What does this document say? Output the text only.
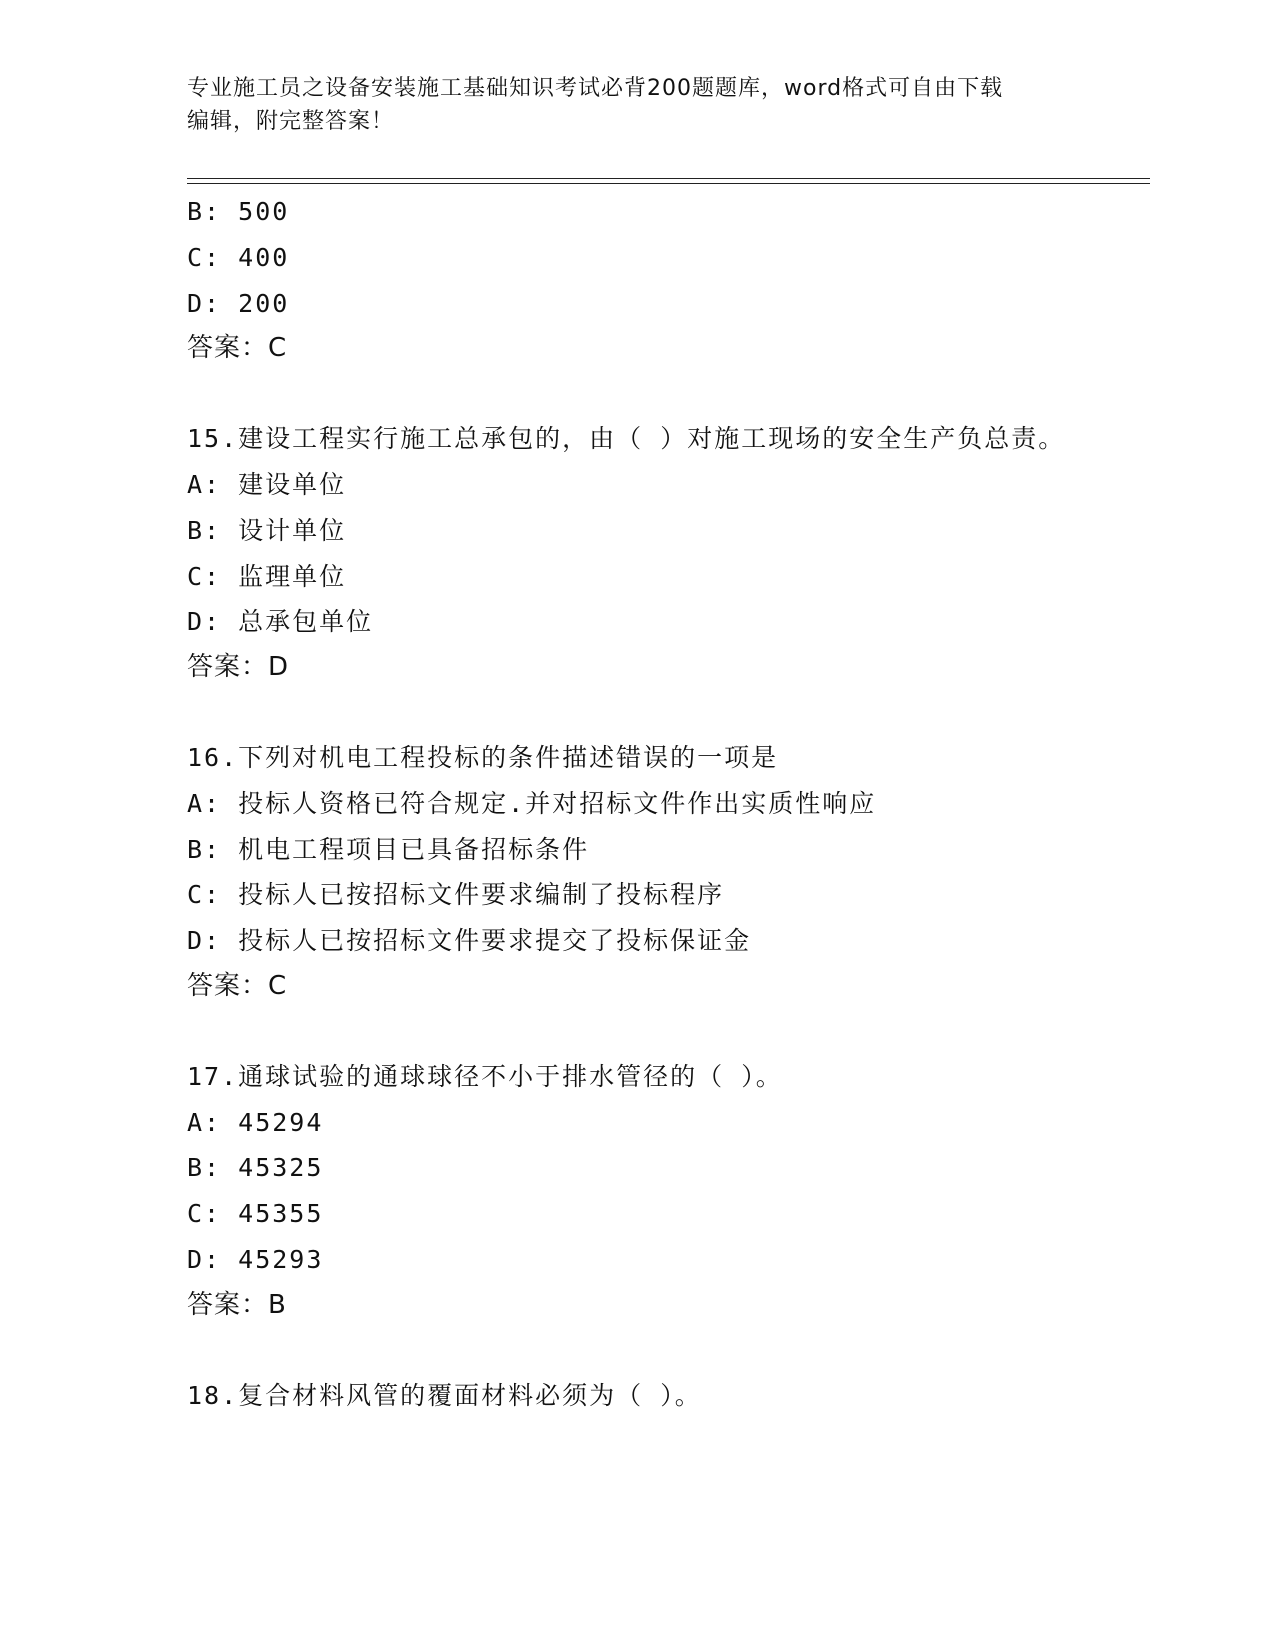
专业施工员之设备安装施工基础知识考试必背200题题库，word格式可自由下载
编辑，附完整答案！
B: 500
C: 400
D: 200
答案：C
15.建设工程实行施工总承包的，由（ ）对施工现场的安全生产负总责。
A: 建设单位
B: 设计单位
C: 监理单位
D: 总承包单位
答案：D
16.下列对机电工程投标的条件描述错误的一项是
A: 投标人资格已符合规定.并对招标文件作出实质性响应
B: 机电工程项目已具备招标条件
C: 投标人已按招标文件要求编制了投标程序
D: 投标人已按招标文件要求提交了投标保证金
答案：C
17.通球试验的通球球径不小于排水管径的（ ）。
A: 45294
B: 45325
C: 45355
D: 45293
答案：B
18.复合材料风管的覆面材料必须为（ ）。
